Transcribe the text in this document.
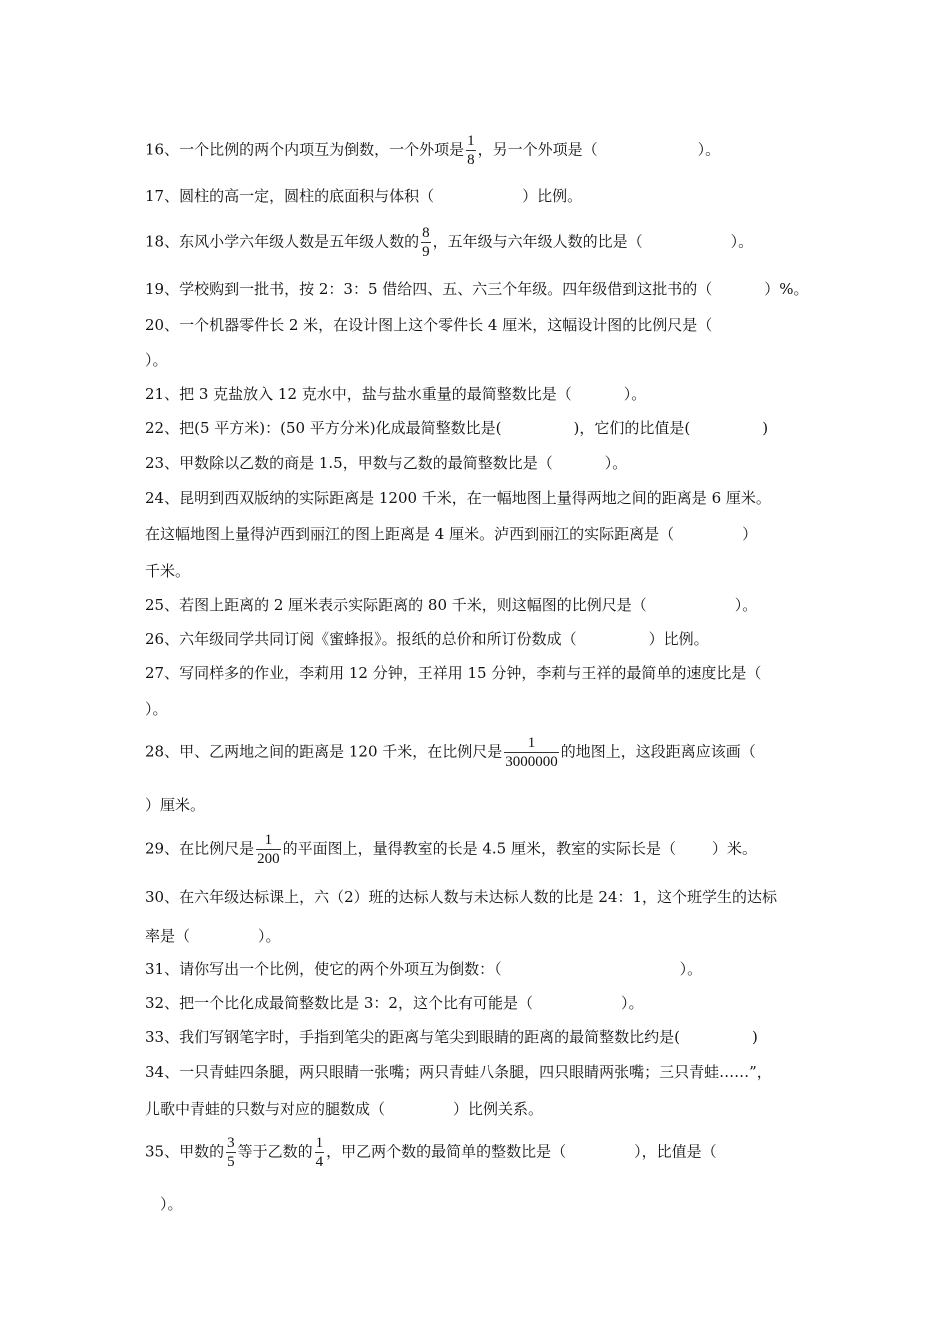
16、一个比例的两个内项互为倒数，一个外项是 $\frac{1}{8}$ ，另一个外项是（	）。
17、圆柱的高一定，圆柱的底面积与体积（	）比例。
18、东风小学六年级人数是五年级人数的 $\frac{8}{9}$ ，五年级与六年级人数的比是（	）。
19、学校购到一批书，按 2：3：5 借给四、五、六三个年级。四年级借到这批书的（	）%。
20、一个机器零件长 2 米，在设计图上这个零件长 4 厘米，这幅设计图的比例尺是（
）。
21、把 3 克盐放入 12 克水中，盐与盐水重量的最简整数比是（	）。
22、把(5 平方米)：(50 平方分米)化成最简整数比是(	)，它们的比值是(	)
23、甲数除以乙数的商是 1.5，甲数与乙数的最简整数比是（	）。
24、昆明到西双版纳的实际距离是 1200 千米，在一幅地图上量得两地之间的距离是 6 厘米。
在这幅地图上量得泸西到丽江的图上距离是 4 厘米。泸西到丽江的实际距离是（	）
千米。
25、若图上距离的 2 厘米表示实际距离的 80 千米，则这幅图的比例尺是（	）。
26、六年级同学共同订阅《蜜蜂报》。报纸的总价和所订份数成（	）比例。
27、写同样多的作业，李莉用 12 分钟，王祥用 15 分钟，李莉与王祥的最简单的速度比是（
）。
28、甲、乙两地之间的距离是 120 千米，在比例尺是 $\frac{1}{3000000}$ 的地图上，这段距离应该画（
）厘米。
29、在比例尺是 $\frac{1}{200}$ 的平面图上，量得教室的长是 4.5 厘米，教室的实际长是（ ）米。
30、在六年级达标课上，六（2）班的达标人数与未达标人数的比是 24：1，这个班学生的达标
率是（	）。
31、请你写出一个比例，使它的两个外项互为倒数：（	）。
32、把一个比化成最简整数比是 3：2，这个比有可能是（	）。
33、我们写钢笔字时，手指到笔尖的距离与笔尖到眼睛的距离的最简整数比约是(	)
34、一只青蛙四条腿，两只眼睛一张嘴；两只青蛙八条腿，四只眼睛两张嘴；三只青蛙……”，
儿歌中青蛙的只数与对应的腿数成（	）比例关系。
35、甲数的 $\frac{3}{5}$ 等于乙数的 $\frac{1}{4}$ ，甲乙两个数的最简单的整数比是（	），比值是（
）。
